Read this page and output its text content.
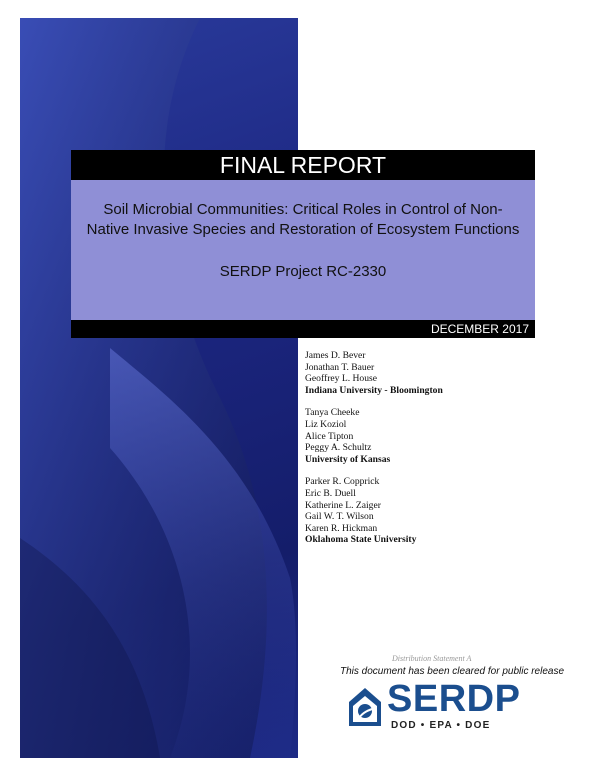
FINAL REPORT
Soil Microbial Communities: Critical Roles in Control of Non-
Native Invasive Species and Restoration of Ecosystem Functions
SERDP Project RC-2330
DECEMBER 2017
James D. Bever
Jonathan T. Bauer
Geoffrey L. House
Indiana University - Bloomington
Tanya Cheeke
Liz Koziol
Alice Tipton
Peggy A. Schultz
University of Kansas
Parker R. Copprick
Eric B. Duell
Katherine L. Zaiger
Gail W. T. Wilson
Karen R. Hickman
Oklahoma State University
Distribution Statement A
This document has been cleared for public release
SERDP
DOD • EPA • DOE
